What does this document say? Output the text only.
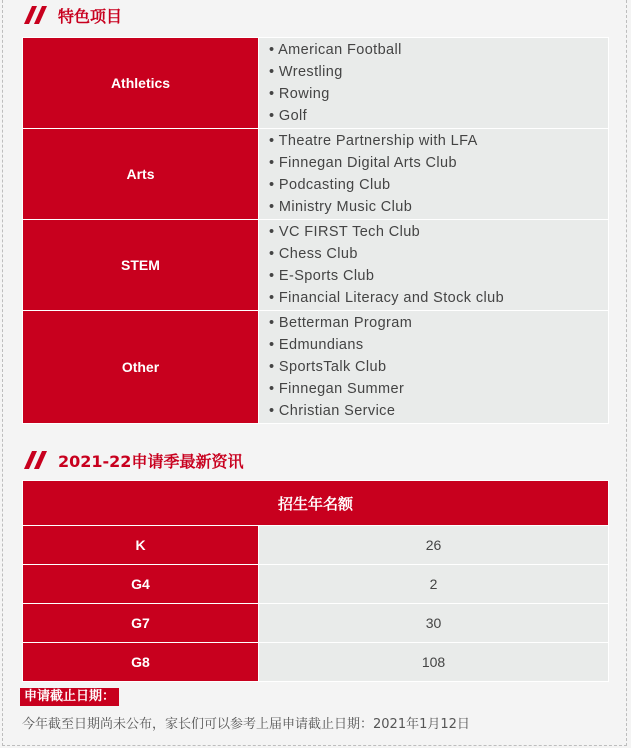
特色项目
Athletics	• American Football
• Wrestling
• Rowing
• Golf

Arts	• Theatre Partnership with LFA
• Finnegan Digital Arts Club
• Podcasting Club
• Ministry Music Club

STEM	• VC FIRST Tech Club
• Chess Club
• E-Sports Club
• Financial Literacy and Stock club

Other	• Betterman Program
• Edmundians
• SportsTalk Club
• Finnegan Summer
• Christian Service
2021-22申请季最新资讯
招生年名额	
K	26
G4	2
G7	30
G8	108
申请截止日期：
今年截至日期尚未公布，家长们可以参考上届申请截止日期：2021年1月12日
